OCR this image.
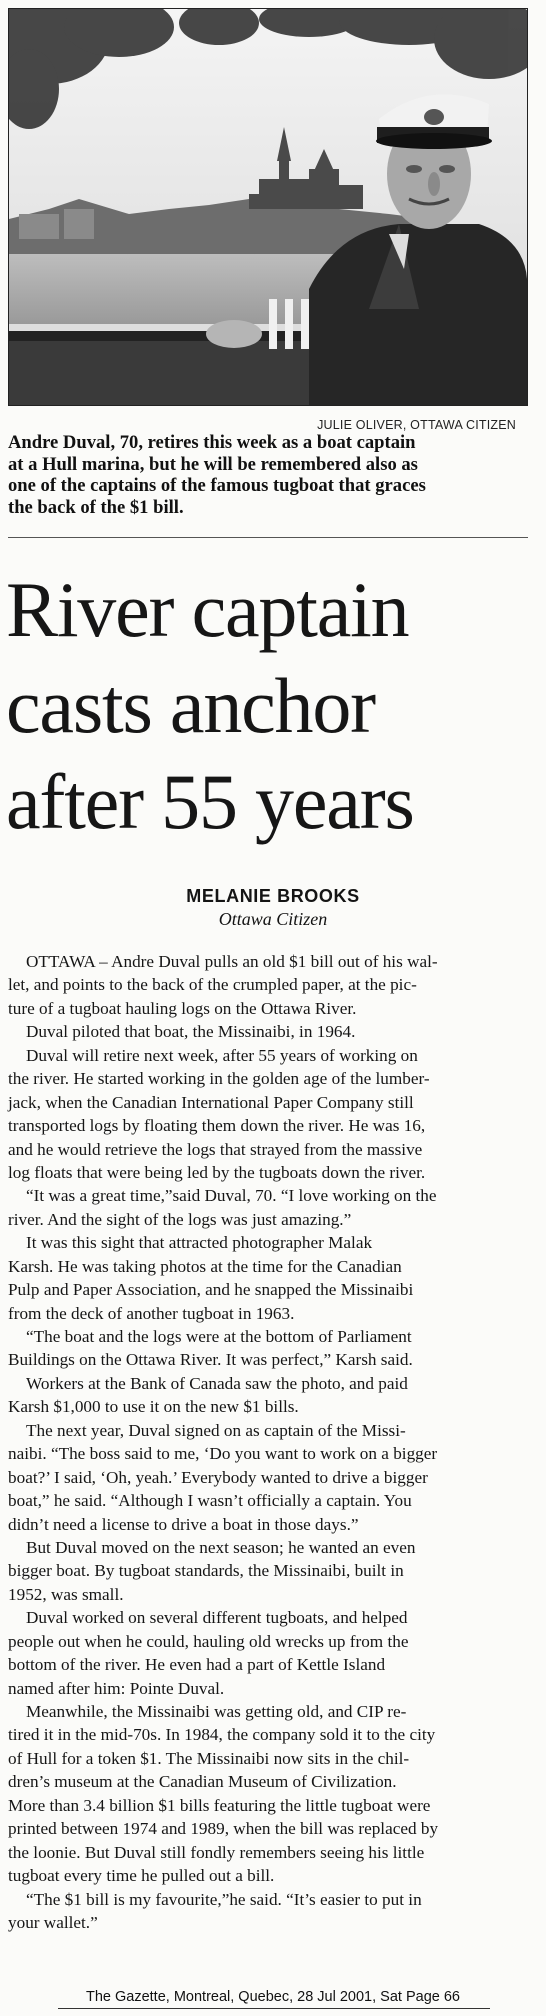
JULIE OLIVER, OTTAWA CITIZEN
Andre Duval, 70, retires this week as a boat captain
at a Hull marina, but he will be remembered also as
one of the captains of the famous tugboat that graces
the back of the $1 bill.
River captain
casts anchor
after 55 years
MELANIE BROOKS
Ottawa Citizen
OTTAWA – Andre Duval pulls an old $1 bill out of his wal-
let, and points to the back of the crumpled paper, at the pic-
ture of a tugboat hauling logs on the Ottawa River.
Duval piloted that boat, the Missinaibi, in 1964.
Duval will retire next week, after 55 years of working on
the river. He started working in the golden age of the lumber-
jack, when the Canadian International Paper Company still
transported logs by floating them down the river. He was 16,
and he would retrieve the logs that strayed from the massive
log floats that were being led by the tugboats down the river.
“It was a great time,”said Duval, 70. “I love working on the
river. And the sight of the logs was just amazing.”
It was this sight that attracted photographer Malak
Karsh. He was taking photos at the time for the Canadian
Pulp and Paper Association, and he snapped the Missinaibi
from the deck of another tugboat in 1963.
“The boat and the logs were at the bottom of Parliament
Buildings on the Ottawa River. It was perfect,” Karsh said.
Workers at the Bank of Canada saw the photo, and paid
Karsh $1,000 to use it on the new $1 bills.
The next year, Duval signed on as captain of the Missi-
naibi. “The boss said to me, ‘Do you want to work on a bigger
boat?’ I said, ‘Oh, yeah.’ Everybody wanted to drive a bigger
boat,” he said. “Although I wasn’t officially a captain. You
didn’t need a license to drive a boat in those days.”
But Duval moved on the next season; he wanted an even
bigger boat. By tugboat standards, the Missinaibi, built in
1952, was small.
Duval worked on several different tugboats, and helped
people out when he could, hauling old wrecks up from the
bottom of the river. He even had a part of Kettle Island
named after him: Pointe Duval.
Meanwhile, the Missinaibi was getting old, and CIP re-
tired it in the mid-70s. In 1984, the company sold it to the city
of Hull for a token $1. The Missinaibi now sits in the chil-
dren’s museum at the Canadian Museum of Civilization.
More than 3.4 billion $1 bills featuring the little tugboat were
printed between 1974 and 1989, when the bill was replaced by
the loonie. But Duval still fondly remembers seeing his little
tugboat every time he pulled out a bill.
“The $1 bill is my favourite,”he said. “It’s easier to put in
your wallet.”
The Gazette, Montreal, Quebec, 28 Jul 2001, Sat Page 66
